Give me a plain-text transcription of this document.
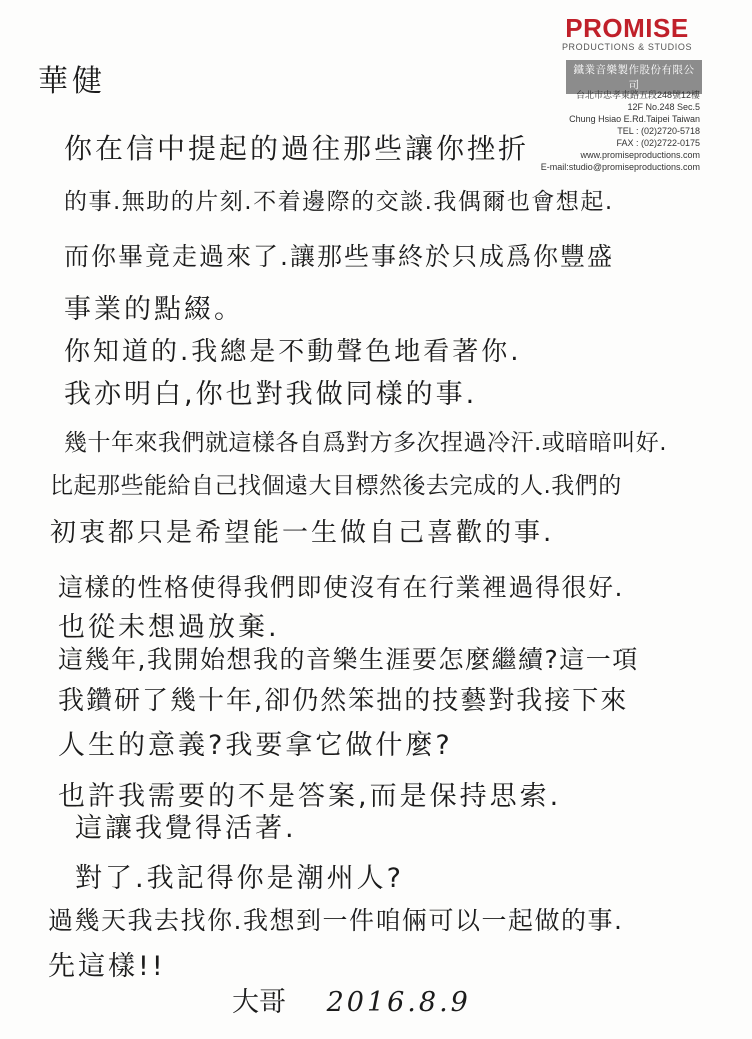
PROMISE
PRODUCTIONS & STUDIOS
鐵業音樂製作股份有限公司
台北市忠孝東路五段248號12樓
12F No.248 Sec.5
Chung Hsiao E.Rd.Taipei Taiwan
TEL : (02)2720-5718
FAX : (02)2722-0175
www.promiseproductions.com
E-mail:studio@promiseproductions.com
華健
你在信中提起的過往那些讓你挫折
的事.無助的片刻.不着邊際的交談.我偶爾也會想起.
而你畢竟走過來了.讓那些事終於只成爲你豐盛
事業的點綴。
你知道的.我總是不動聲色地看著你.
我亦明白,你也對我做同樣的事.
幾十年來我們就這樣各自爲對方多次捏過冷汗.或暗暗叫好.
比起那些能給自己找個遠大目標然後去完成的人.我們的
初衷都只是希望能一生做自己喜歡的事.
這樣的性格使得我們即使沒有在行業裡過得很好.
也從未想過放棄.
這幾年,我開始想我的音樂生涯要怎麼繼續?這一項
我鑽研了幾十年,卻仍然笨拙的技藝對我接下來
人生的意義?我要拿它做什麼?
也許我需要的不是答案,而是保持思索.
這讓我覺得活著.
對了.我記得你是潮州人?
過幾天我去找你.我想到一件咱倆可以一起做的事.
先這樣!!
大哥 2016.8.9
